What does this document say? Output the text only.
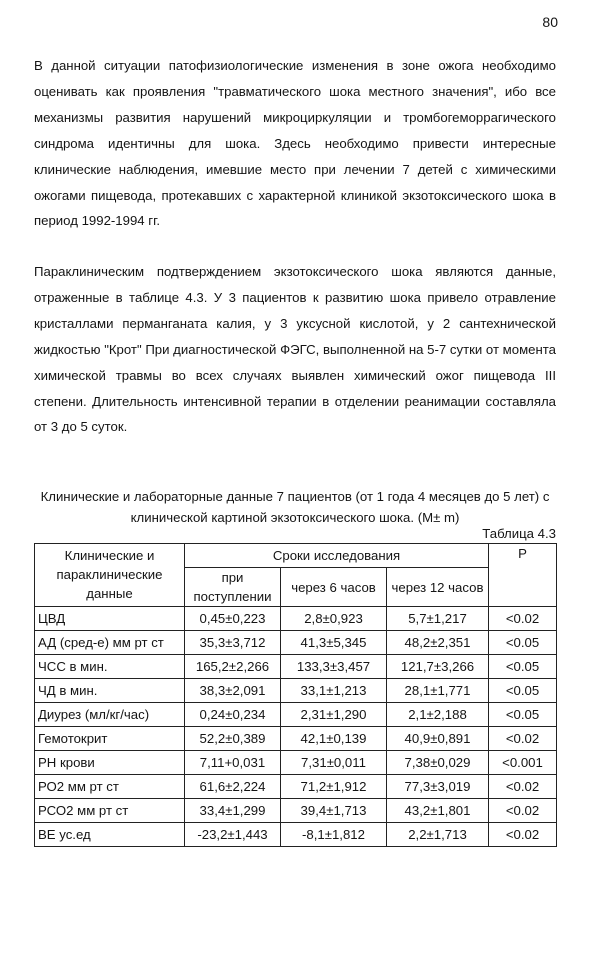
80

В данной ситуации патофизиологические изменения в зоне ожога необходимо оценивать как проявления "травматического шока местного значения", ибо все механизмы развития нарушений микроциркуляции и тромбогеморрагического синдрома идентичны для шока. Здесь необходимо привести интересные клинические наблюдения, имевшие место при лечении 7 детей с химическими ожогами пищевода, протекавших с характерной клиникой экзотоксического шока в период 1992-1994 гг.

Параклиническим подтверждением экзотоксического шока являются данные, отраженные в таблице 4.3. У 3 пациентов к развитию шока привело отравление кристаллами перманганата калия, у 3 уксусной кислотой, у 2 сантехнической жидкостью "Крот" При диагностической ФЭГС, выполненной на 5-7 сутки от момента химической травмы во всех случаях выявлен химический ожог пищевода III степени. Длительность интенсивной терапии в отделении реанимации составляла от 3 до 5 суток.

Клинические и лабораторные данные 7 пациентов (от 1 года 4 месяцев до 5 лет) с клинической картиной экзотоксического шока. (M± m)

Таблица 4.3
Клинические и параклинические данные	Сроки исследования			Р
	при поступлении	через 6 часов	через 12 часов	
ЦВД	0,45±0,223	2,8±0,923	5,7±1,217	<0.02
АД (сред-е) мм рт ст	35,3±3,712	41,3±5,345	48,2±2,351	<0.05
ЧСС в мин.	165,2±2,266	133,3±3,457	121,7±3,266	<0.05
ЧД в мин.	38,3±2,091	33,1±1,213	28,1±1,771	<0.05
Диурез (мл/кг/час)	0,24±0,234	2,31±1,290	2,1±2,188	<0.05
Гемотокрит	52,2±0,389	42,1±0,139	40,9±0,891	<0.02
PH крови	7,11+0,031	7,31±0,011	7,38±0,029	<0.001
РО2 мм рт ст	61,6±2,224	71,2±1,912	77,3±3,019	<0.02
РСО2 мм рт ст	33,4±1,299	39,4±1,713	43,2±1,801	<0.02
ВЕ ус.ед	-23,2±1,443	-8,1±1,812	2,2±1,713	<0.02
